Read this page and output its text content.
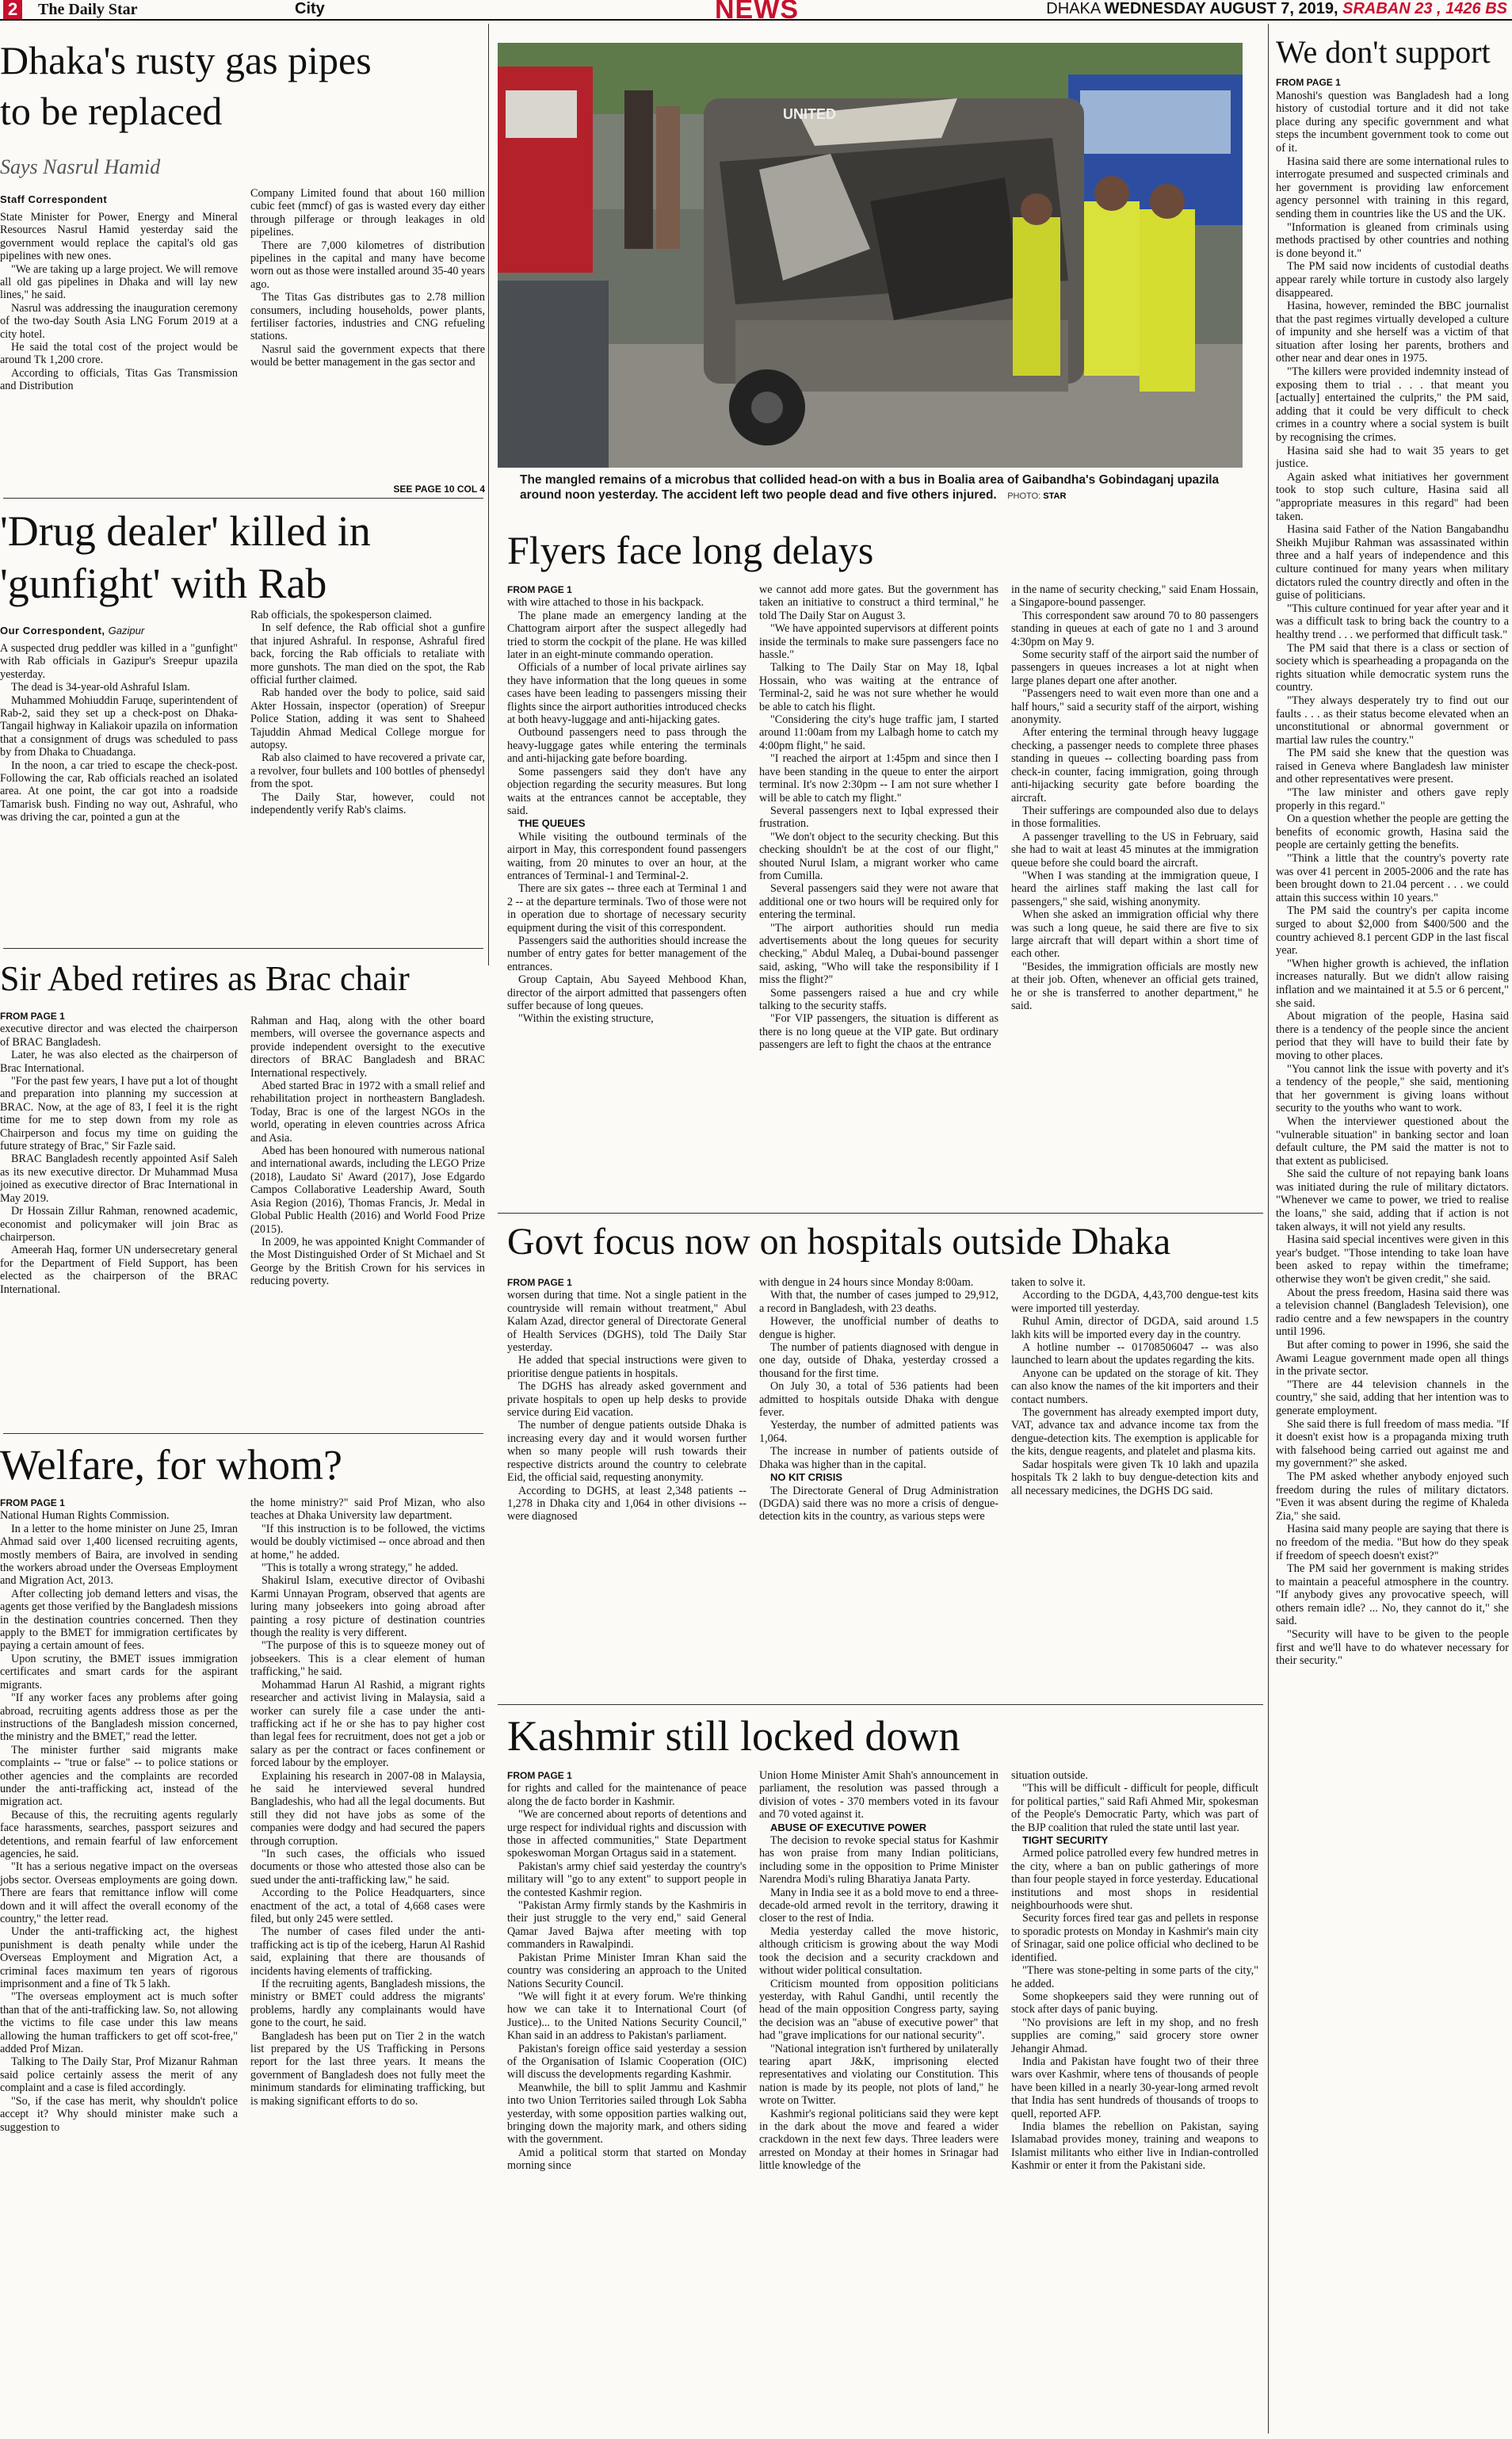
2	The Daily Star	City	NEWS	DHAKA WEDNESDAY AUGUST 7, 2019, SRABAN 23 , 1426 BS
Dhaka's rusty gas pipes
to be replaced
Says Nasrul Hamid
Staff Correspondent

State Minister for Power, Energy and Mineral Resources Nasrul Hamid yesterday said the government would replace the capital's old gas pipelines with new ones.

"We are taking up a large project. We will remove all old gas pipelines in Dhaka and will lay new lines," he said.

Nasrul was addressing the inauguration ceremony of the two-day South Asia LNG Forum 2019 at a city hotel.

He said the total cost of the project would be around Tk 1,200 crore.

According to officials, Titas Gas Transmission and Distribution

Company Limited found that about 160 million cubic feet (mmcf) of gas is wasted every day either through pilferage or through leakages in old pipelines.

There are 7,000 kilometres of distribution pipelines in the capital and many have become worn out as those were installed around 35-40 years ago.

The Titas Gas distributes gas to 2.78 million consumers, including households, power plants, fertiliser factories, industries and CNG refueling stations.

Nasrul said the government expects that there would be better management in the gas sector and

SEE PAGE 10 COL 4
UNITED
The mangled remains of a microbus that collided head-on with a bus in Boalia area of Gaibandha's Gobindaganj upazila around noon yesterday. The accident left two people dead and five others injured. PHOTO: STAR
'Drug dealer' killed in
'gunfight' with Rab
Our Correspondent, Gazipur

A suspected drug peddler was killed in a "gunfight" with Rab officials in Gazipur's Sreepur upazila yesterday.

The dead is 34-year-old Ashraful Islam.

Muhammed Mohiuddin Faruqe, superintendent of Rab-2, said they set up a check-post on Dhaka-Tangail highway in Kaliakoir upazila on information that a consignment of drugs was scheduled to pass by from Dhaka to Chuadanga.

In the noon, a car tried to escape the check-post. Following the car, Rab officials reached an isolated area. At one point, the car got into a roadside Tamarisk bush. Finding no way out, Ashraful, who was driving the car, pointed a gun at the

Rab officials, the spokesperson claimed.

In self defence, the Rab official shot a gunfire that injured Ashraful. In response, Ashraful fired back, forcing the Rab officials to retaliate with more gunshots. The man died on the spot, the Rab official further claimed.

Rab handed over the body to police, said said Akter Hossain, inspector (operation) of Sreepur Police Station, adding it was sent to Shaheed Tajuddin Ahmad Medical College morgue for autopsy.

Rab also claimed to have recovered a private car, a revolver, four bullets and 100 bottles of phensedyl from the spot.

The Daily Star, however, could not independently verify Rab's claims.

Sir Abed retires as Brac chair
FROM PAGE 1

executive director and was elected the chairperson of BRAC Bangladesh.

Later, he was also elected as the chairperson of Brac International.

"For the past few years, I have put a lot of thought and preparation into planning my succession at BRAC. Now, at the age of 83, I feel it is the right time for me to step down from my role as Chairperson and focus my time on guiding the future strategy of Brac," Sir Fazle said.

BRAC Bangladesh recently appointed Asif Saleh as its new executive director. Dr Muhammad Musa joined as executive director of Brac International in May 2019.

Dr Hossain Zillur Rahman, renowned academic, economist and policymaker will join Brac as chairperson.

Ameerah Haq, former UN undersecretary general for the Department of Field Support, has been elected as the chairperson of the BRAC International.

Rahman and Haq, along with the other board members, will oversee the governance aspects and provide independent oversight to the executive directors of BRAC Bangladesh and BRAC International respectively.

Abed started Brac in 1972 with a small relief and rehabilitation project in northeastern Bangladesh. Today, Brac is one of the largest NGOs in the world, operating in eleven countries across Africa and Asia.

Abed has been honoured with numerous national and international awards, including the LEGO Prize (2018), Laudato Si' Award (2017), Jose Edgardo Campos Collaborative Leadership Award, South Asia Region (2016), Thomas Francis, Jr. Medal in Global Public Health (2016) and World Food Prize (2015).

In 2009, he was appointed Knight Commander of the Most Distinguished Order of St Michael and St George by the British Crown for his services in reducing poverty.

Welfare, for whom?
FROM PAGE 1

National Human Rights Commission.

In a letter to the home minister on June 25, Imran Ahmad said over 1,400 licensed recruiting agents, mostly members of Baira, are involved in sending the workers abroad under the Overseas Employment and Migration Act, 2013.

After collecting job demand letters and visas, the agents get those verified by the Bangladesh missions in the destination countries concerned. Then they apply to the BMET for immigration certificates by paying a certain amount of fees.

Upon scrutiny, the BMET issues immigration certificates and smart cards for the aspirant migrants.

"If any worker faces any problems after going abroad, recruiting agents address those as per the instructions of the Bangladesh mission concerned, the ministry and the BMET," read the letter.

The minister further said migrants make complaints -- "true or false" -- to police stations or other agencies and the complaints are recorded under the anti-trafficking act, instead of the migration act.

Because of this, the recruiting agents regularly face harassments, searches, passport seizures and detentions, and remain fearful of law enforcement agencies, he said.

"It has a serious negative impact on the overseas jobs sector. Overseas employments are going down. There are fears that remittance inflow will come down and it will affect the overall economy of the country," the letter read.

Under the anti-trafficking act, the highest punishment is death penalty while under the Overseas Employment and Migration Act, a criminal faces maximum ten years of rigorous imprisonment and a fine of Tk 5 lakh.

"The overseas employment act is much softer than that of the anti-trafficking law. So, not allowing the victims to file case under this law means allowing the human traffickers to get off scot-free," added Prof Mizan.

Talking to The Daily Star, Prof Mizanur Rahman said police certainly assess the merit of any complaint and a case is filed accordingly.

"So, if the case has merit, why shouldn't police accept it? Why should minister make such a suggestion to

the home ministry?" said Prof Mizan, who also teaches at Dhaka University law department.

"If this instruction is to be followed, the victims would be doubly victimised -- once abroad and then at home," he added.

"This is totally a wrong strategy," he added.

Shakirul Islam, executive director of Ovibashi Karmi Unnayan Program, observed that agents are luring many jobseekers into going abroad after painting a rosy picture of destination countries though the reality is very different.

"The purpose of this is to squeeze money out of jobseekers. This is a clear element of human trafficking," he said.

Mohammad Harun Al Rashid, a migrant rights researcher and activist living in Malaysia, said a worker can surely file a case under the anti-trafficking act if he or she has to pay higher cost than legal fees for recruitment, does not get a job or salary as per the contract or faces confinement or forced labour by the employer.

Explaining his research in 2007-08 in Malaysia, he said he interviewed several hundred Bangladeshis, who had all the legal documents. But still they did not have jobs as some of the companies were dodgy and had secured the papers through corruption.

"In such cases, the officials who issued documents or those who attested those also can be sued under the anti-trafficking law," he said.

According to the Police Headquarters, since enactment of the act, a total of 4,668 cases were filed, but only 245 were settled.

The number of cases filed under the anti-trafficking act is tip of the iceberg, Harun Al Rashid said, explaining that there are thousands of incidents having elements of trafficking.

If the recruiting agents, Bangladesh missions, the ministry or BMET could address the migrants' problems, hardly any complainants would have gone to the court, he said.

Bangladesh has been put on Tier 2 in the watch list prepared by the US Trafficking in Persons report for the last three years. It means the government of Bangladesh does not fully meet the minimum standards for eliminating trafficking, but is making significant efforts to do so.

Flyers face long delays
FROM PAGE 1

with wire attached to those in his backpack.

The plane made an emergency landing at the Chattogram airport after the suspect allegedly had tried to storm the cockpit of the plane. He was killed later in an eight-minute commando operation.

Officials of a number of local private airlines say they have information that the long queues in some cases have been leading to passengers missing their flights since the airport authorities introduced checks at both heavy-luggage and anti-hijacking gates.

Outbound passengers need to pass through the heavy-luggage gates while entering the terminals and anti-hijacking gate before boarding.

Some passengers said they don't have any objection regarding the security measures. But long waits at the entrances cannot be acceptable, they said.

THE QUEUES

While visiting the outbound terminals of the airport in May, this correspondent found passengers waiting, from 20 minutes to over an hour, at the entrances of Terminal-1 and Terminal-2.

There are six gates -- three each at Terminal 1 and 2 -- at the departure terminals. Two of those were not in operation due to shortage of necessary security equipment during the visit of this correspondent.

Passengers said the authorities should increase the number of entry gates for better management of the entrances.

Group Captain, Abu Sayeed Mehbood Khan, director of the airport admitted that passengers often suffer because of long queues.

"Within the existing structure,

we cannot add more gates. But the government has taken an initiative to construct a third terminal," he told The Daily Star on August 3.

"We have appointed supervisors at different points inside the terminals to make sure passengers face no hassle."

Talking to The Daily Star on May 18, Iqbal Hossain, who was waiting at the entrance of Terminal-2, said he was not sure whether he would be able to catch his flight.

"Considering the city's huge traffic jam, I started around 11:00am from my Lalbagh home to catch my 4:00pm flight," he said.

"I reached the airport at 1:45pm and since then I have been standing in the queue to enter the airport terminal. It's now 2:30pm -- I am not sure whether I will be able to catch my flight."

Several passengers next to Iqbal expressed their frustration.

"We don't object to the security checking. But this checking shouldn't be at the cost of our flight," shouted Nurul Islam, a migrant worker who came from Cumilla.

Several passengers said they were not aware that additional one or two hours will be required only for entering the terminal.

"The airport authorities should run media advertisements about the long queues for security checking," Abdul Maleq, a Dubai-bound passenger said, asking, "Who will take the responsibility if I miss the flight?"

Some passengers raised a hue and cry while talking to the security staffs.

"For VIP passengers, the situation is different as there is no long queue at the VIP gate. But ordinary passengers are left to fight the chaos at the entrance

in the name of security checking," said Enam Hossain, a Singapore-bound passenger.

This correspondent saw around 70 to 80 passengers standing in queues at each of gate no 1 and 3 around 4:30pm on May 9.

Some security staff of the airport said the number of passengers in queues increases a lot at night when large planes depart one after another.

"Passengers need to wait even more than one and a half hours," said a security staff of the airport, wishing anonymity.

After entering the terminal through heavy luggage checking, a passenger needs to complete three phases standing in queues -- collecting boarding pass from check-in counter, facing immigration, going through anti-hijacking security gate before boarding the aircraft.

Their sufferings are compounded also due to delays in those formalities.

A passenger travelling to the US in February, said she had to wait at least 45 minutes at the immigration queue before she could board the aircraft.

"When I was standing at the immigration queue, I heard the airlines staff making the last call for passengers," she said, wishing anonymity.

When she asked an immigration official why there was such a long queue, he said there are five to six large aircraft that will depart within a short time of each other.

"Besides, the immigration officials are mostly new at their job. Often, whenever an official gets trained, he or she is transferred to another department," he said.

Govt focus now on hospitals outside Dhaka
FROM PAGE 1

worsen during that time. Not a single patient in the countryside will remain without treatment," Abul Kalam Azad, director general of Directorate General of Health Services (DGHS), told The Daily Star yesterday.

He added that special instructions were given to prioritise dengue patients in hospitals.

The DGHS has already asked government and private hospitals to open up help desks to provide service during Eid vacation.

The number of dengue patients outside Dhaka is increasing every day and it would worsen further when so many people will rush towards their respective districts around the country to celebrate Eid, the official said, requesting anonymity.

According to DGHS, at least 2,348 patients -- 1,278 in Dhaka city and 1,064 in other divisions -- were diagnosed

with dengue in 24 hours since Monday 8:00am.

With that, the number of cases jumped to 29,912, a record in Bangladesh, with 23 deaths.

However, the unofficial number of deaths to dengue is higher.

The number of patients diagnosed with dengue in one day, outside of Dhaka, yesterday crossed a thousand for the first time.

On July 30, a total of 536 patients had been admitted to hospitals outside Dhaka with dengue fever.

Yesterday, the number of admitted patients was 1,064.

The increase in number of patients outside of Dhaka was higher than in the capital.

NO KIT CRISIS

The Directorate General of Drug Administration (DGDA) said there was no more a crisis of dengue-detection kits in the country, as various steps were

taken to solve it.

According to the DGDA, 4,43,700 dengue-test kits were imported till yesterday.

Ruhul Amin, director of DGDA, said around 1.5 lakh kits will be imported every day in the country.

A hotline number -- 01708506047 -- was also launched to learn about the updates regarding the kits.

Anyone can be updated on the storage of kit. They can also know the names of the kit importers and their contact numbers.

The government has already exempted import duty, VAT, advance tax and advance income tax from the dengue-detection kits. The exemption is applicable for the kits, dengue reagents, and platelet and plasma kits.

Sadar hospitals were given Tk 10 lakh and upazila hospitals Tk 2 lakh to buy dengue-detection kits and all necessary medicines, the DGHS DG said.

Kashmir still locked down
FROM PAGE 1

for rights and called for the maintenance of peace along the de facto border in Kashmir.

"We are concerned about reports of detentions and urge respect for individual rights and discussion with those in affected communities," State Department spokeswoman Morgan Ortagus said in a statement.

Pakistan's army chief said yesterday the country's military will "go to any extent" to support people in the contested Kashmir region.

"Pakistan Army firmly stands by the Kashmiris in their just struggle to the very end," said General Qamar Javed Bajwa after meeting with top commanders in Rawalpindi.

Pakistan Prime Minister Imran Khan said the country was considering an approach to the United Nations Security Council.

"We will fight it at every forum. We're thinking how we can take it to International Court (of Justice)... to the United Nations Security Council," Khan said in an address to Pakistan's parliament.

Pakistan's foreign office said yesterday a session of the Organisation of Islamic Cooperation (OIC) will discuss the developments regarding Kashmir.

Meanwhile, the bill to split Jammu and Kashmir into two Union Territories sailed through Lok Sabha yesterday, with some opposition parties walking out, bringing down the majority mark, and others siding with the government.

Amid a political storm that started on Monday morning since

Union Home Minister Amit Shah's announcement in parliament, the resolution was passed through a division of votes - 370 members voted in its favour and 70 voted against it.

ABUSE OF EXECUTIVE POWER

The decision to revoke special status for Kashmir has won praise from many Indian politicians, including some in the opposition to Prime Minister Narendra Modi's ruling Bharatiya Janata Party.

Many in India see it as a bold move to end a three-decade-old armed revolt in the territory, drawing it closer to the rest of India.

Media yesterday called the move historic, although criticism is growing about the way Modi took the decision and a security crackdown and without wider political consultation.

Criticism mounted from opposition politicians yesterday, with Rahul Gandhi, until recently the head of the main opposition Congress party, saying the decision was an "abuse of executive power" that had "grave implications for our national security".

"National integration isn't furthered by unilaterally tearing apart J&K, imprisoning elected representatives and violating our Constitution. This nation is made by its people, not plots of land," he wrote on Twitter.

Kashmir's regional politicians said they were kept in the dark about the move and feared a wider crackdown in the next few days. Three leaders were arrested on Monday at their homes in Srinagar had little knowledge of the

situation outside.

"This will be difficult - difficult for people, difficult for political parties," said Rafi Ahmed Mir, spokesman of the People's Democratic Party, which was part of the BJP coalition that ruled the state until last year.

TIGHT SECURITY

Armed police patrolled every few hundred metres in the city, where a ban on public gatherings of more than four people stayed in force yesterday. Educational institutions and most shops in residential neighbourhoods were shut.

Security forces fired tear gas and pellets in response to sporadic protests on Monday in Kashmir's main city of Srinagar, said one police official who declined to be identified.

"There was stone-pelting in some parts of the city," he added.

Some shopkeepers said they were running out of stock after days of panic buying.

"No provisions are left in my shop, and no fresh supplies are coming," said grocery store owner Jehangir Ahmad.

India and Pakistan have fought two of their three wars over Kashmir, where tens of thousands of people have been killed in a nearly 30-year-long armed revolt that India has sent hundreds of thousands of troops to quell, reported AFP.

India blames the rebellion on Pakistan, saying Islamabad provides money, training and weapons to Islamist militants who either live in Indian-controlled Kashmir or enter it from the Pakistani side.

We don't support
FROM PAGE 1

Manoshi's question was Bangladesh had a long history of custodial torture and it did not take place during any specific government and what steps the incumbent government took to come out of it.

Hasina said there are some international rules to interrogate presumed and suspected criminals and her government is providing law enforcement agency personnel with training in this regard, sending them in countries like the US and the UK.

"Information is gleaned from criminals using methods practised by other countries and nothing is done beyond it."

The PM said now incidents of custodial deaths appear rarely while torture in custody also largely disappeared.

Hasina, however, reminded the BBC journalist that the past regimes virtually developed a culture of impunity and she herself was a victim of that situation after losing her parents, brothers and other near and dear ones in 1975.

"The killers were provided indemnity instead of exposing them to trial . . . that meant you [actually] entertained the culprits," the PM said, adding that it could be very difficult to check crimes in a country where a social system is built by recognising the crimes.

Hasina said she had to wait 35 years to get justice.

Again asked what initiatives her government took to stop such culture, Hasina said all "appropriate measures in this regard" had been taken.

Hasina said Father of the Nation Bangabandhu Sheikh Mujibur Rahman was assassinated within three and a half years of independence and this culture continued for many years when military dictators ruled the country directly and often in the guise of politicians.

"This culture continued for year after year and it was a difficult task to bring back the country to a healthy trend . . . we performed that difficult task."

The PM said that there is a class or section of society which is spearheading a propaganda on the rights situation while democratic system runs the country.

"They always desperately try to find out our faults . . . as their status become elevated when an unconstitutional or abnormal government or martial law rules the country."

The PM said she knew that the question was raised in Geneva where Bangladesh law minister and other representatives were present.

"The law minister and others gave reply properly in this regard."

On a question whether the people are getting the benefits of economic growth, Hasina said the people are certainly getting the benefits.

"Think a little that the country's poverty rate was over 41 percent in 2005-2006 and the rate has been brought down to 21.04 percent . . . we could attain this success within 10 years."

The PM said the country's per capita income surged to about $2,000 from $400/500 and the country achieved 8.1 percent GDP in the last fiscal year.

"When higher growth is achieved, the inflation increases naturally. But we didn't allow raising inflation and we maintained it at 5.5 or 6 percent," she said.

About migration of the people, Hasina said there is a tendency of the people since the ancient period that they will have to build their fate by moving to other places.

"You cannot link the issue with poverty and it's a tendency of the people," she said, mentioning that her government is giving loans without security to the youths who want to work.

When the interviewer questioned about the "vulnerable situation" in banking sector and loan default culture, the PM said the matter is not to that extent as publicised.

She said the culture of not repaying bank loans was initiated during the rule of military dictators. "Whenever we came to power, we tried to realise the loans," she said, adding that if action is not taken always, it will not yield any results.

Hasina said special incentives were given in this year's budget. "Those intending to take loan have been asked to repay within the timeframe; otherwise they won't be given credit," she said.

About the press freedom, Hasina said there was a television channel (Bangladesh Television), one radio centre and a few newspapers in the country until 1996.

But after coming to power in 1996, she said the Awami League government made open all things in the private sector.

"There are 44 television channels in the country," she said, adding that her intention was to generate employment.

She said there is full freedom of mass media. "If it doesn't exist how is a propaganda mixing truth with falsehood being carried out against me and my government?" she asked.

The PM asked whether anybody enjoyed such freedom during the rules of military dictators. "Even it was absent during the regime of Khaleda Zia," she said.

Hasina said many people are saying that there is no freedom of the media. "But how do they speak if freedom of speech doesn't exist?"

The PM said her government is making strides to maintain a peaceful atmosphere in the country. "If anybody gives any provocative speech, will others remain idle? ... No, they cannot do it," she said.

"Security will have to be given to the people first and we'll have to do whatever necessary for their security."
